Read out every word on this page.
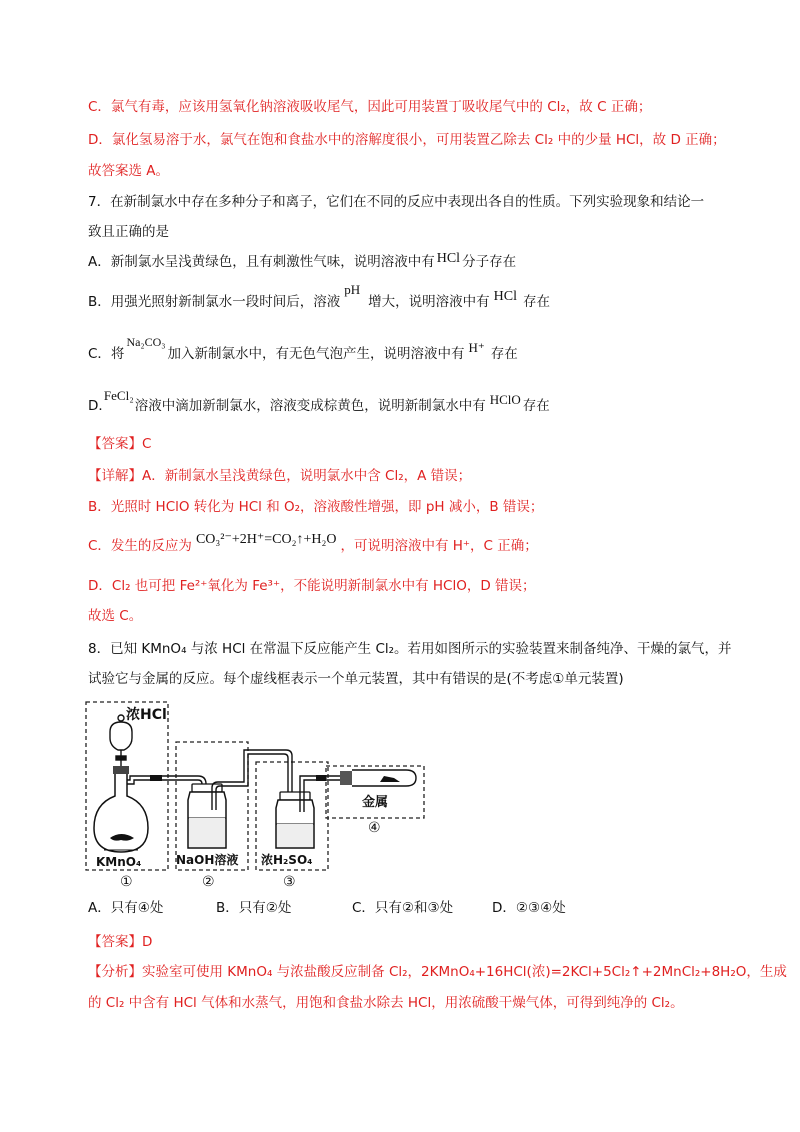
C．氯气有毒，应该用氢氧化钠溶液吸收尾气，因此可用装置丁吸收尾气中的 Cl₂，故 C 正确；
D．氯化氢易溶于水，氯气在饱和食盐水中的溶解度很小，可用装置乙除去 Cl₂ 中的少量 HCl，故 D 正确；
故答案选 A。
7．在新制氯水中存在多种分子和离子，它们在不同的反应中表现出各自的性质。下列实验现象和结论一
致且正确的是
A．新制氯水呈浅黄绿色，且有刺激性气味，说明溶液中有 HCl 分子存在
B．用强光照射新制氯水一段时间后，溶液pH增大，说明溶液中有 HCl 存在
C．将Na₂CO₃加入新制氯水中，有无色气泡产生，说明溶液中有 H⁺ 存在
D．FeCl₂溶液中滴加新制氯水，溶液变成棕黄色，说明新制氯水中有 HClO 存在
【答案】C
【详解】A．新制氯水呈浅黄绿色，说明氯水中含 Cl₂，A 错误；
B．光照时 HClO 转化为 HCl 和 O₂，溶液酸性增强，即 pH 减小，B 错误；
C．发生的反应为 CO₃²⁻+2H⁺=CO₂↑+H₂O ，可说明溶液中有 H⁺，C 正确；
D．Cl₂ 也可把 Fe²⁺氧化为 Fe³⁺，不能说明新制氯水中有 HClO，D 错误；
故选 C。
8．已知 KMnO₄ 与浓 HCl 在常温下反应能产生 Cl₂。若用如图所示的实验装置来制备纯净、干燥的氯气，并
试验它与金属的反应。每个虚线框表示一个单元装置，其中有错误的是(不考虑①单元装置)
浓HCl
KMnO₄	NaOH溶液 浓H₂SO₄
金属
①	②	③
④
A．只有④处	B．只有②处	C．只有②和③处	D．②③④处
【答案】D
【分析】实验室可使用 KMnO₄ 与浓盐酸反应制备 Cl₂，2KMnO₄+16HCl(浓)=2KCl+5Cl₂↑+2MnCl₂+8H₂O，生成
的 Cl₂ 中含有 HCl 气体和水蒸气，用饱和食盐水除去 HCl，用浓硫酸干燥气体，可得到纯净的 Cl₂。
